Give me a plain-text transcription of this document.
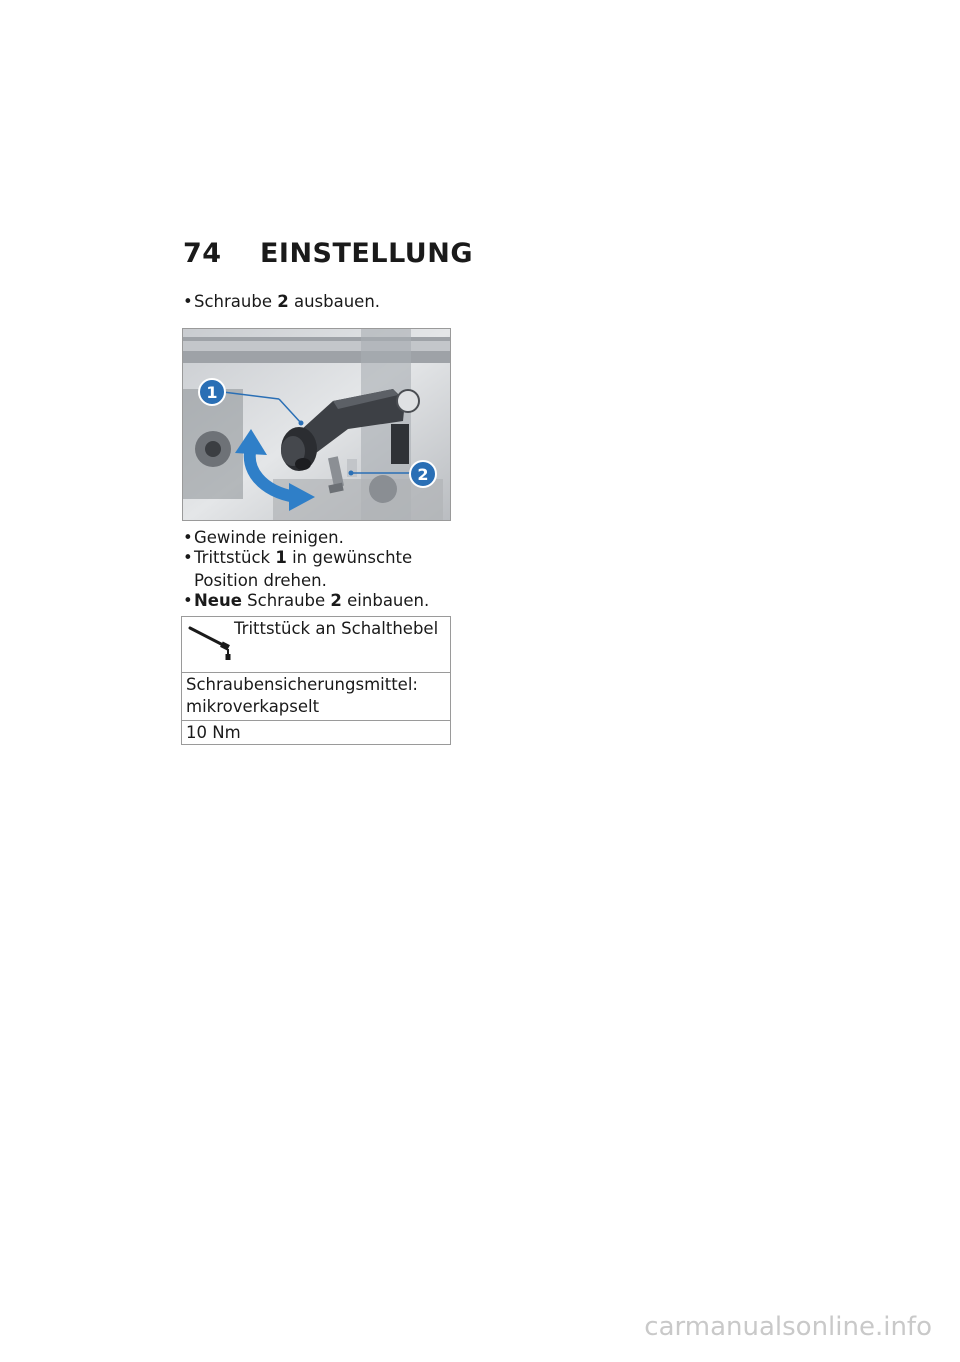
74	EINSTELLUNG
• Schraube 2 ausbauen.
1
2
• Gewinde reinigen.
• Trittstück 1 in gewünschte
Position drehen.
• Neue Schraube 2 einbauen.
Trittstück an Schalthebel
Schraubensicherungsmittel:
mikroverkapselt
10 Nm
carmanualsonline.info
